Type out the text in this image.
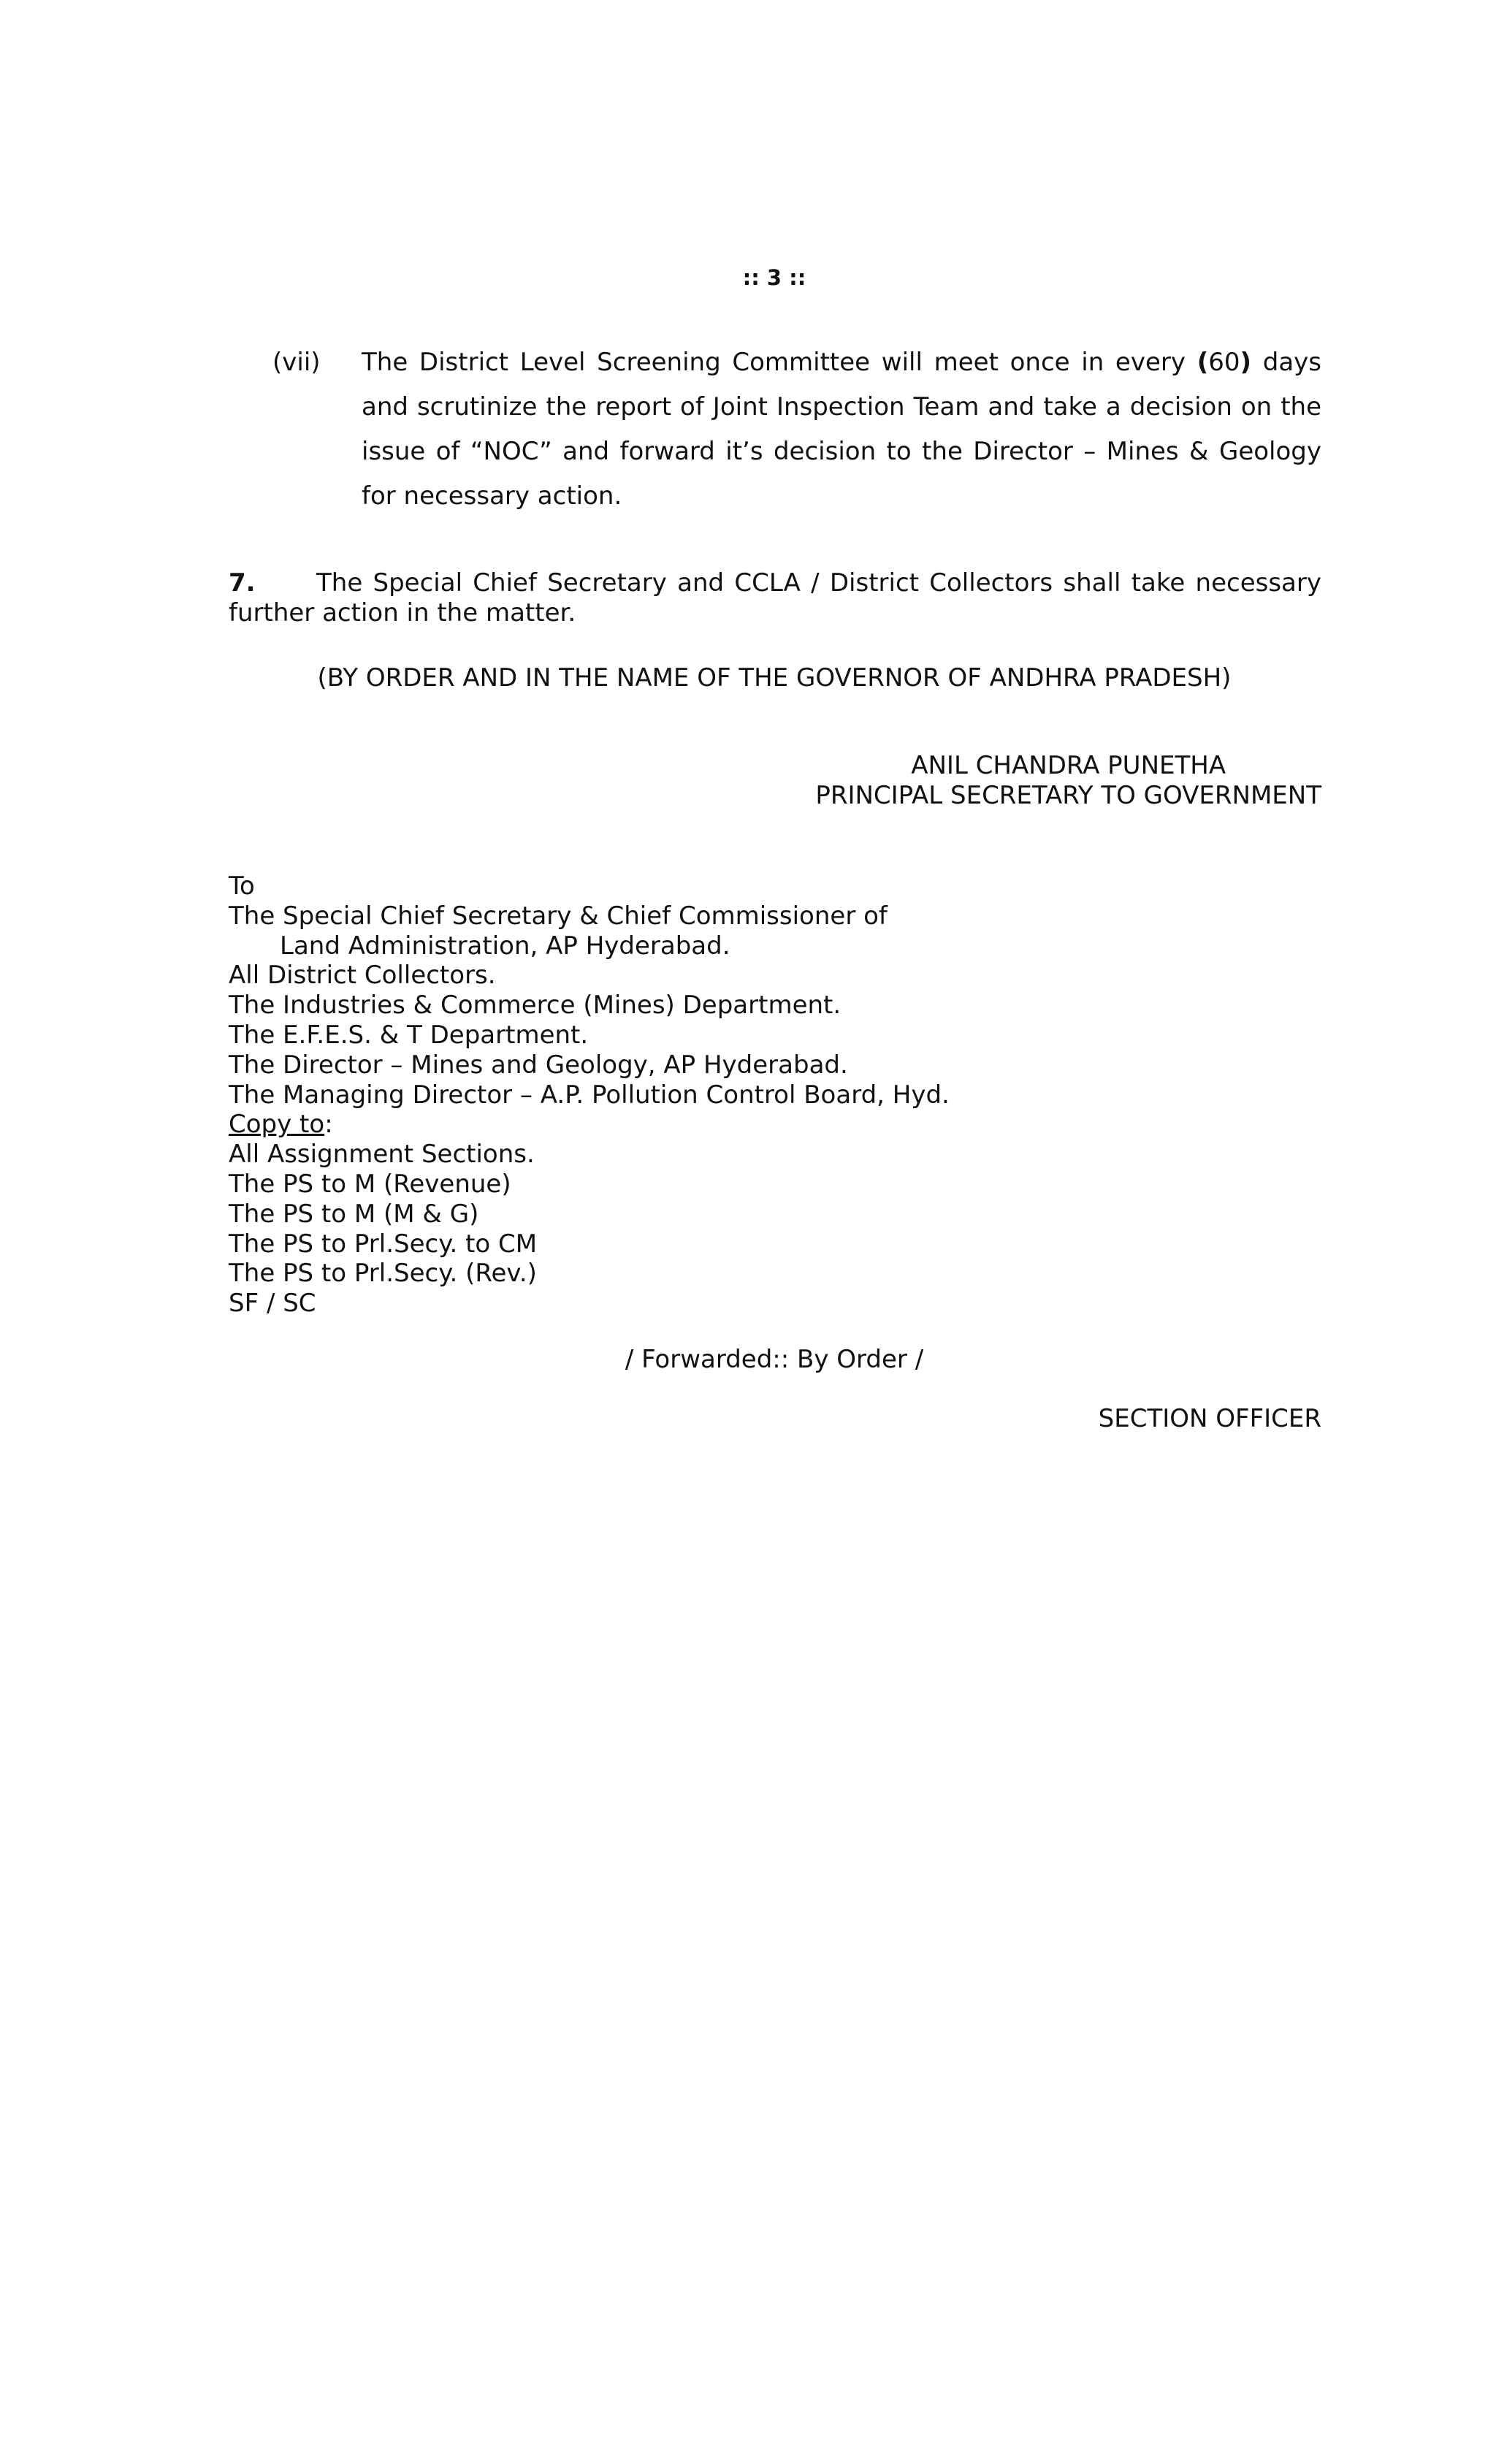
:: 3 ::
(vii) The District Level Screening Committee will meet once in every (60) days and scrutinize the report of Joint Inspection Team and take a decision on the issue of “NOC” and forward it’s decision to the Director – Mines & Geology for necessary action.
7. The Special Chief Secretary and CCLA / District Collectors shall take necessary further action in the matter.
(BY ORDER AND IN THE NAME OF THE GOVERNOR OF ANDHRA PRADESH)
ANIL CHANDRA PUNETHA
PRINCIPAL SECRETARY TO GOVERNMENT
To
The Special Chief Secretary & Chief Commissioner of
Land Administration, AP Hyderabad.
All District Collectors.
The Industries & Commerce (Mines) Department.
The E.F.E.S. & T Department.
The Director – Mines and Geology, AP Hyderabad.
The Managing Director – A.P. Pollution Control Board, Hyd.
Copy to:
All Assignment Sections.
The PS to M (Revenue)
The PS to M (M & G)
The PS to Prl.Secy. to CM
The PS to Prl.Secy. (Rev.)
SF / SC
/ Forwarded:: By Order /
SECTION OFFICER
